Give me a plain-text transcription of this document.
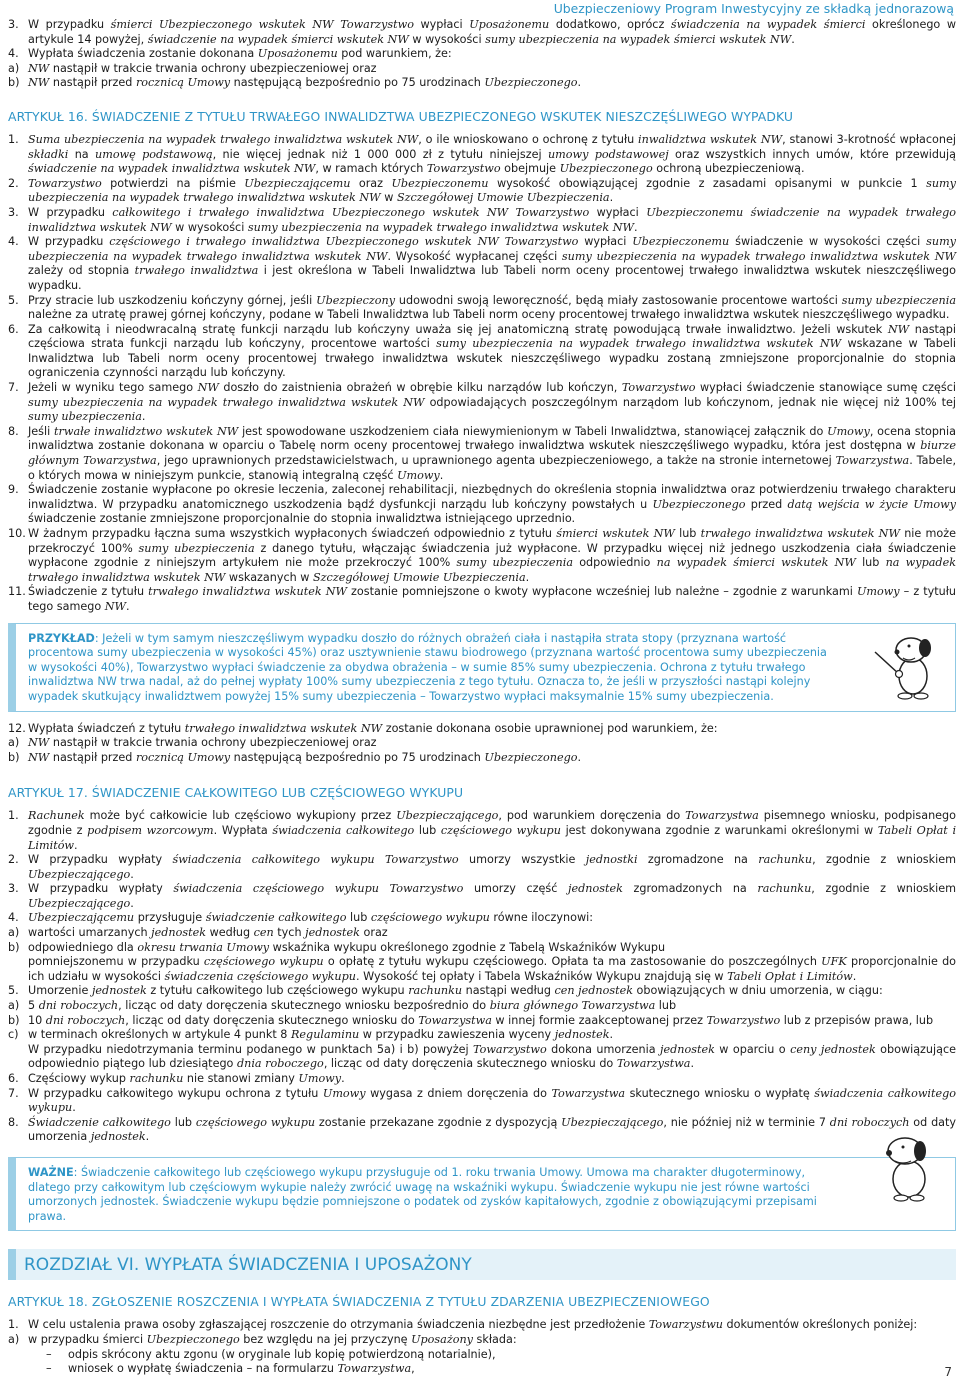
Ubezpieczeniowy Program Inwestycyjny ze składką jednorazową
3. W przypadku śmierci Ubezpieczonego wskutek NW Towarzystwo wypłaci Uposażonemu dodatkowo, oprócz świadczenia na wypadek śmierci określonego w artykule 14 powyżej, świadczenie na wypadek śmierci wskutek NW w wysokości sumy ubezpieczenia na wypadek śmierci wskutek NW.
4. Wypłata świadczenia zostanie dokonana Uposażonemu pod warunkiem, że:
a) NW nastąpił w trakcie trwania ochrony ubezpieczeniowej oraz
b) NW nastąpił przed rocznicą Umowy następującą bezpośrednio po 75 urodzinach Ubezpieczonego.
ARTYKUŁ 16. ŚWIADCZENIE Z TYTUŁU TRWAŁEGO INWALIDZTWA UBEZPIECZONEGO WSKUTEK NIESZCZĘŚLIWEGO WYPADKU
1. Suma ubezpieczenia na wypadek trwałego inwalidztwa wskutek NW, o ile wnioskowano o ochronę z tytułu inwalidztwa wskutek NW, stanowi 3-krotność wpłaconej składki na umowę podstawową, nie więcej jednak niż 1 000 000 zł z tytułu niniejszej umowy podstawowej oraz wszystkich innych umów, które przewidują świadczenie na wypadek inwalidztwa wskutek NW, w ramach których Towarzystwo obejmuje Ubezpieczonego ochroną ubezpieczeniową.
2. Towarzystwo potwierdzi na piśmie Ubezpieczającemu oraz Ubezpieczonemu wysokość obowiązującej zgodnie z zasadami opisanymi w punkcie 1 sumy ubezpieczenia na wypadek trwałego inwalidztwa wskutek NW w Szczegółowej Umowie Ubezpieczenia.
3. W przypadku całkowitego i trwałego inwalidztwa Ubezpieczonego wskutek NW Towarzystwo wypłaci Ubezpieczonemu świadczenie na wypadek trwałego inwalidztwa wskutek NW w wysokości sumy ubezpieczenia na wypadek trwałego inwalidztwa wskutek NW.
4. W przypadku częściowego i trwałego inwalidztwa Ubezpieczonego wskutek NW Towarzystwo wypłaci Ubezpieczonemu świadczenie w wysokości części sumy ubezpieczenia na wypadek trwałego inwalidztwa wskutek NW. Wysokość wypłacanej części sumy ubezpieczenia na wypadek trwałego inwalidztwa wskutek NW zależy od stopnia trwałego inwalidztwa i jest określona w Tabeli Inwalidztwa lub Tabeli norm oceny procentowej trwałego inwalidztwa wskutek nieszczęśliwego wypadku.
5. Przy stracie lub uszkodzeniu kończyny górnej, jeśli Ubezpieczony udowodni swoją leworęczność, będą miały zastosowanie procentowe wartości sumy ubezpieczenia należne za utratę prawej górnej kończyny, podane w Tabeli Inwalidztwa lub Tabeli norm oceny procentowej trwałego inwalidztwa wskutek nieszczęśliwego wypadku.
6. Za całkowitą i nieodwracalną stratę funkcji narządu lub kończyny uważa się jej anatomiczną stratę powodującą trwałe inwalidztwo. Jeżeli wskutek NW nastąpi częściowa strata funkcji narządu lub kończyny, procentowe wartości sumy ubezpieczenia na wypadek trwałego inwalidztwa wskutek NW wskazane w Tabeli Inwalidztwa lub Tabeli norm oceny procentowej trwałego inwalidztwa wskutek nieszczęśliwego wypadku zostaną zmniejszone proporcjonalnie do stopnia ograniczenia czynności narządu lub kończyny.
7. Jeżeli w wyniku tego samego NW doszło do zaistnienia obrażeń w obrębie kilku narządów lub kończyn, Towarzystwo wypłaci świadczenie stanowiące sumę części sumy ubezpieczenia na wypadek trwałego inwalidztwa wskutek NW odpowiadających poszczególnym narządom lub kończynom, jednak nie więcej niż 100% tej sumy ubezpieczenia.
8. Jeśli trwałe inwalidztwo wskutek NW jest spowodowane uszkodzeniem ciała niewymienionym w Tabeli Inwalidztwa, stanowiącej załącznik do Umowy, ocena stopnia inwalidztwa zostanie dokonana w oparciu o Tabelę norm oceny procentowej trwałego inwalidztwa wskutek nieszczęśliwego wypadku, która jest dostępna w biurze głównym Towarzystwa, jego uprawnionych przedstawicielstwach, u uprawnionego agenta ubezpieczeniowego, a także na stronie internetowej Towarzystwa. Tabele, o których mowa w niniejszym punkcie, stanowią integralną część Umowy.
9. Świadczenie zostanie wypłacone po okresie leczenia, zaleconej rehabilitacji, niezbędnych do określenia stopnia inwalidztwa oraz potwierdzeniu trwałego charakteru inwalidztwa. W przypadku anatomicznego uszkodzenia bądź dysfunkcji narządu lub kończyny powstałych u Ubezpieczonego przed datą wejścia w życie Umowy świadczenie zostanie zmniejszone proporcjonalnie do stopnia inwalidztwa istniejącego uprzednio.
10. W żadnym przypadku łączna suma wszystkich wypłaconych świadczeń odpowiednio z tytułu śmierci wskutek NW lub trwałego inwalidztwa wskutek NW nie może przekroczyć 100% sumy ubezpieczenia z danego tytułu, włączając świadczenia już wypłacone. W przypadku więcej niż jednego uszkodzenia ciała świadczenie wypłacone zgodnie z niniejszym artykułem nie może przekroczyć 100% sumy ubezpieczenia odpowiednio na wypadek śmierci wskutek NW lub na wypadek trwałego inwalidztwa wskutek NW wskazanych w Szczegółowej Umowie Ubezpieczenia.
11. Świadczenie z tytułu trwałego inwalidztwa wskutek NW zostanie pomniejszone o kwoty wypłacone wcześniej lub należne – zgodnie z warunkami Umowy – z tytułu tego samego NW.
PRZYKŁAD: Jeżeli w tym samym nieszczęśliwym wypadku doszło do różnych obrażeń ciała i nastąpiła strata stopy (przyznana wartość procentowa sumy ubezpieczenia w wysokości 45%) oraz usztywnienie stawu biodrowego (przyznana wartość procentowa sumy ubezpieczenia w wysokości 40%), Towarzystwo wypłaci świadczenie za obydwa obrażenia – w sumie 85% sumy ubezpieczenia. Ochrona z tytułu trwałego inwalidztwa NW trwa nadal, aż do pełnej wypłaty 100% sumy ubezpieczenia z tego tytułu. Oznacza to, że jeśli w przyszłości nastąpi kolejny wypadek skutkujący inwalidztwem powyżej 15% sumy ubezpieczenia – Towarzystwo wypłaci maksymalnie 15% sumy ubezpieczenia.
12. Wypłata świadczeń z tytułu trwałego inwalidztwa wskutek NW zostanie dokonana osobie uprawnionej pod warunkiem, że:
a) NW nastąpił w trakcie trwania ochrony ubezpieczeniowej oraz
b) NW nastąpił przed rocznicą Umowy następującą bezpośrednio po 75 urodzinach Ubezpieczonego.
ARTYKUŁ 17. ŚWIADCZENIE CAŁKOWITEGO LUB CZĘŚCIOWEGO WYKUPU
1. Rachunek może być całkowicie lub częściowo wykupiony przez Ubezpieczającego, pod warunkiem doręczenia do Towarzystwa pisemnego wniosku, podpisanego zgodnie z podpisem wzorcowym. Wypłata świadczenia całkowitego lub częściowego wykupu jest dokonywana zgodnie z warunkami określonymi w Tabeli Opłat i Limitów.
2. W przypadku wypłaty świadczenia całkowitego wykupu Towarzystwo umorzy wszystkie jednostki zgromadzone na rachunku, zgodnie z wnioskiem Ubezpieczającego.
3. W przypadku wypłaty świadczenia częściowego wykupu Towarzystwo umorzy część jednostek zgromadzonych na rachunku, zgodnie z wnioskiem Ubezpieczającego.
4. Ubezpieczającemu przysługuje świadczenie całkowitego lub częściowego wykupu równe iloczynowi:
a) wartości umarzanych jednostek według cen tych jednostek oraz
b) odpowiedniego dla okresu trwania Umowy wskaźnika wykupu określonego zgodnie z Tabelą Wskaźników Wykupu
pomniejszonemu w przypadku częściowego wykupu o opłatę z tytułu wykupu częściowego. Opłata ta ma zastosowanie do poszczególnych UFK proporcjonalnie do ich udziału w wysokości świadczenia częściowego wykupu. Wysokość tej opłaty i Tabela Wskaźników Wykupu znajdują się w Tabeli Opłat i Limitów.
5. Umorzenie jednostek z tytułu całkowitego lub częściowego wykupu rachunku nastąpi według cen jednostek obowiązujących w dniu umorzenia, w ciągu:
a) 5 dni roboczych, licząc od daty doręczenia skutecznego wniosku bezpośrednio do biura głównego Towarzystwa lub
b) 10 dni roboczych, licząc od daty doręczenia skutecznego wniosku do Towarzystwa w innej formie zaakceptowanej przez Towarzystwo lub z przepisów prawa, lub
c) w terminach określonych w artykule 4 punkt 8 Regulaminu w przypadku zawieszenia wyceny jednostek.
W przypadku niedotrzymania terminu podanego w punktach 5a) i b) powyżej Towarzystwo dokona umorzenia jednostek w oparciu o ceny jednostek obowiązujące odpowiednio piątego lub dziesiątego dnia roboczego, licząc od daty doręczenia skutecznego wniosku do Towarzystwa.
6. Częściowy wykup rachunku nie stanowi zmiany Umowy.
7. W przypadku całkowitego wykupu ochrona z tytułu Umowy wygasa z dniem doręczenia do Towarzystwa skutecznego wniosku o wypłatę świadczenia całkowitego wykupu.
8. Świadczenie całkowitego lub częściowego wykupu zostanie przekazane zgodnie z dyspozycją Ubezpieczającego, nie później niż w terminie 7 dni roboczych od daty umorzenia jednostek.
WAŻNE: Świadczenie całkowitego lub częściowego wykupu przysługuje od 1. roku trwania Umowy. Umowa ma charakter długoterminowy, dlatego przy całkowitym lub częściowym wykupie należy zwrócić uwagę na wskaźniki wykupu. Świadczenie wykupu nie jest równe wartości umorzonych jednostek. Świadczenie wykupu będzie pomniejszone o podatek od zysków kapitałowych, zgodnie z obowiązującymi przepisami prawa.
ROZDZIAŁ VI. WYPŁATA ŚWIADCZENIA I UPOSAŻONY
ARTYKUŁ 18. ZGŁOSZENIE ROSZCZENIA I WYPŁATA ŚWIADCZENIA Z TYTUŁU ZDARZENIA UBEZPIECZENIOWEGO
1. W celu ustalenia prawa osoby zgłaszającej roszczenie do otrzymania świadczenia niezbędne jest przedłożenie Towarzystwu dokumentów określonych poniżej:
a) w przypadku śmierci Ubezpieczonego bez względu na jej przyczynę Uposażony składa:
–	odpis skrócony aktu zgonu (w oryginale lub kopię potwierdzoną notarialnie),
–	wniosek o wypłatę świadczenia – na formularzu Towarzystwa,	7
